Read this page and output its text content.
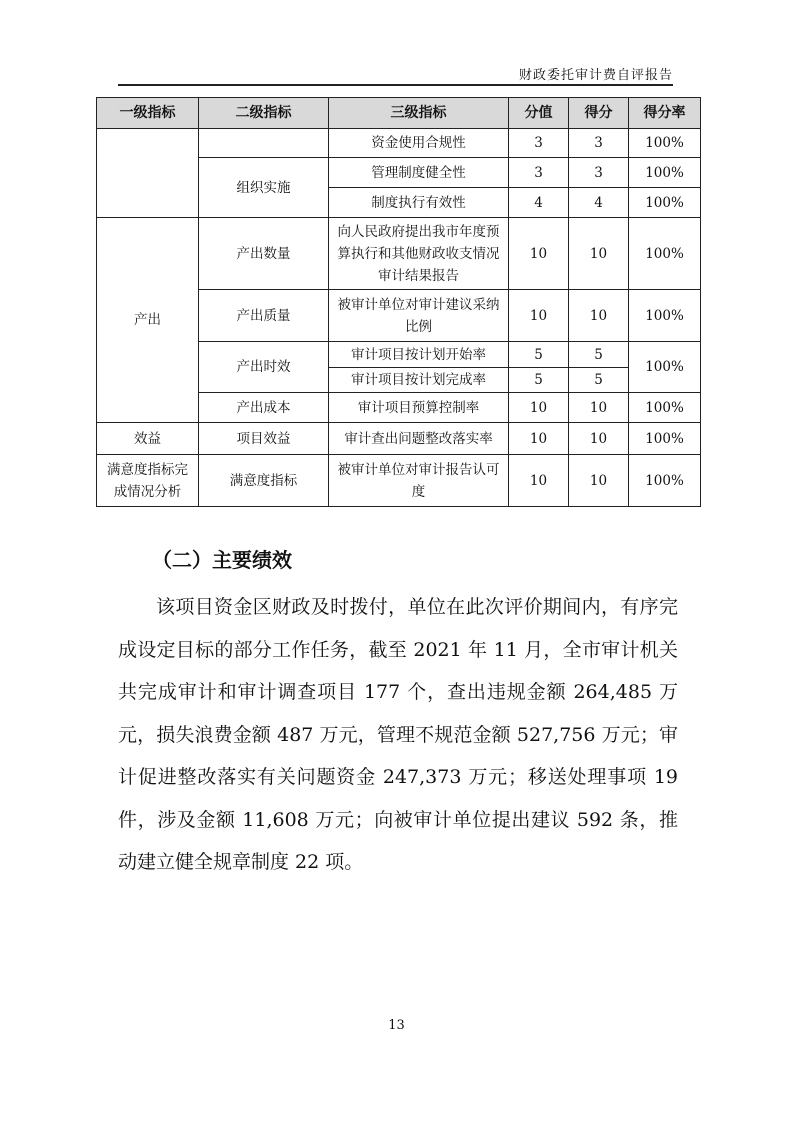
财政委托审计费自评报告
一级指标	二级指标	三级指标	分值	得分	得分率
		资金使用合规性	3	3	100%
	组织实施	管理制度健全性	3	3	100%
		制度执行有效性	4	4	100%
产出	产出数量	向人民政府提出我市年度预算执行和其他财政收支情况审计结果报告	10	10	100%
	产出质量	被审计单位对审计建议采纳比例	10	10	100%
	产出时效	审计项目按计划开始率	5	5	100%
		审计项目按计划完成率	5	5	
	产出成本	审计项目预算控制率	10	10	100%
效益	项目效益	审计查出问题整改落实率	10	10	100%
满意度指标完成情况分析	满意度指标	被审计单位对审计报告认可度	10	10	100%
（二）主要绩效

该项目资金区财政及时拨付，单位在此次评价期间内，有序完成设定目标的部分工作任务，截至 2021 年 11 月，全市审计机关共完成审计和审计调查项目 177 个，查出违规金额 264,485 万元，损失浪费金额 487 万元，管理不规范金额 527,756 万元；审计促进整改落实有关问题资金 247,373 万元；移送处理事项 19 件，涉及金额 11,608 万元；向被审计单位提出建议 592 条，推动建立健全规章制度 22 项。

13
